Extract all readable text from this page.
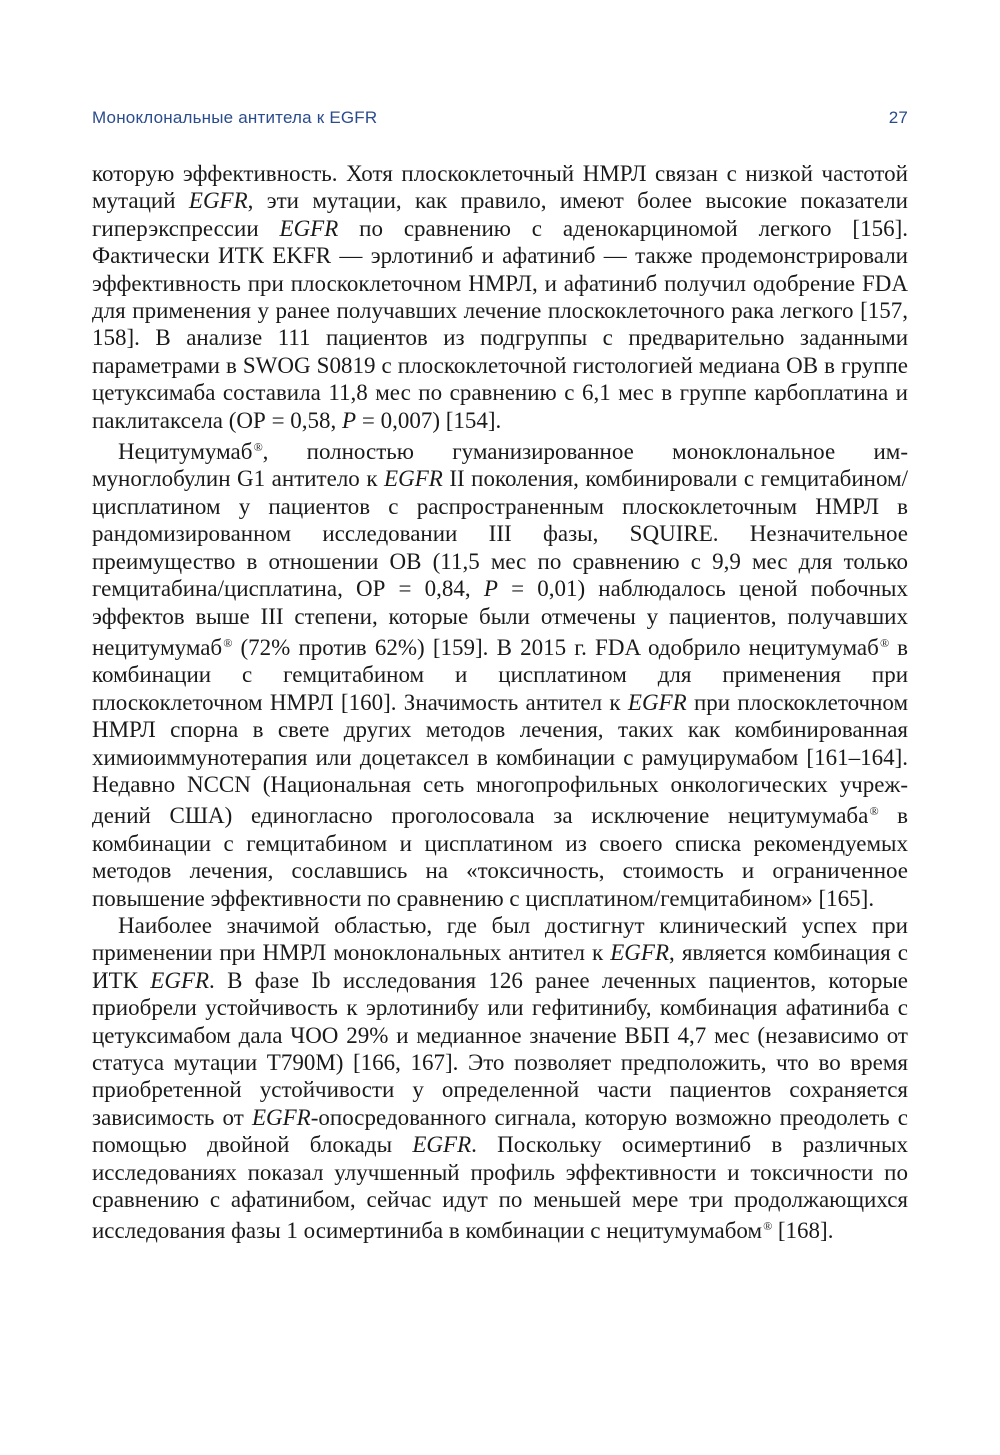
Моноклональные антитела к EGFR	27

которую эффективность. Хотя плоскоклеточный НМРЛ связан с низкой частотой мутаций EGFR, эти мутации, как правило, имеют более высокие показатели гиперэкспрессии EGFR по сравнению с аденокарциномой легкого [156]. Фактически ИТК EKFR — эрлотиниб и афатиниб — также продемонстрировали эффективность при плоскоклеточном НМРЛ, и афатиниб получил одобрение FDA для применения у ранее получавших лечение плоскоклеточного рака легкого [157, 158]. В анализе 111 пациентов из подгруппы с предварительно заданными параметрами в SWOG S0819 с плоскоклеточной гистологией медиана ОВ в группе цетуксимаба составила 11,8 мес по сравнению с 6,1 мес в группе карбоплатина и паклитаксела (ОР = 0,58, P = 0,007) [154].

Нецитумумаб®, полностью гуманизированное моноклональное иммуноглобулин G1 антитело к EGFR II поколения, комбинировали с гемцитабином/цисплатином у пациентов с распространенным плоскоклеточным НМРЛ в рандомизированном исследовании III фазы, SQUIRE. Незначительное преимущество в отношении ОВ (11,5 мес по сравнению с 9,9 мес для только гемцитабина/цисплатина, ОР = 0,84, P = 0,01) наблюдалось ценой побочных эффектов выше III степени, которые были отмечены у пациентов, получавших нецитумумаб® (72% против 62%) [159]. В 2015 г. FDA одобрило нецитумумаб® в комбинации с гемцитабином и цисплатином для применения при плоскоклеточном НМРЛ [160]. Значимость антител к EGFR при плоскоклеточном НМРЛ спорна в свете других методов лечения, таких как комбинированная химиоиммунотерапия или доцетаксел в комбинации с рамуцирумабом [161–164]. Недавно NCCN (Национальная сеть многопрофильных онкологических учреждений США) единогласно проголосовала за исключение нецитумумаба® в комбинации с гемцитабином и цисплатином из своего списка рекомендуемых методов лечения, сославшись на «токсичность, стоимость и ограниченное повышение эффективности по сравнению с цисплатином/гемцитабином» [165].

Наиболее значимой областью, где был достигнут клинический успех при применении при НМРЛ моноклональных антител к EGFR, является комбинация с ИТК EGFR. В фазе Ib исследования 126 ранее леченных пациентов, которые приобрели устойчивость к эрлотинибу или гефитинибу, комбинация афатиниба с цетуксимабом дала ЧОО 29% и медианное значение ВБП 4,7 мес (независимо от статуса мутации T790M) [166, 167]. Это позволяет предположить, что во время приобретенной устойчивости у определенной части пациентов сохраняется зависимость от EGFR-опосредованного сигнала, которую возможно преодолеть с помощью двойной блокады EGFR. Поскольку осимертиниб в различных исследованиях показал улучшенный профиль эффективности и токсичности по сравнению с афатинибом, сейчас идут по меньшей мере три продолжающихся исследования фазы 1 осимертиниба в комбинации с нецитумумабом® [168].
